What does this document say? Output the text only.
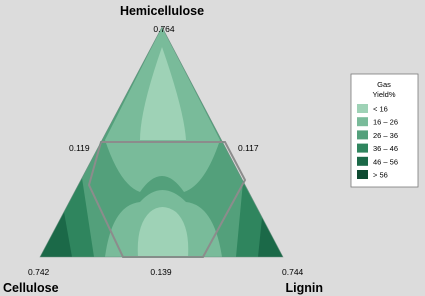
Hemicellulose
0.764
Cellulose
0.742
Lignin
0.744
0.119	0.117
0.139
Gas
Yield%
< 16
16 – 26
26 – 36
36 – 46
46 – 56
> 56
